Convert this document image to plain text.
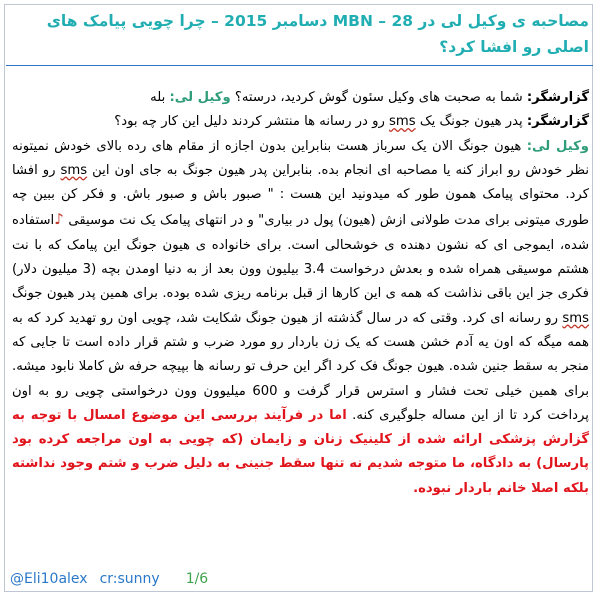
مصاحبه ی وکیل لی در MBN – 28 دسامبر 2015 – چرا چویی پیامک های اصلی رو افشا کرد؟
گزارشگر: شما به صحبت های وکیل سئون گوش کردید، درسته؟ وکیل لی: بله
گزارشگر: پدر هیون جونگ یک sms رو در رسانه ها منتشر کردند دلیل این کار چه بود؟
وکیل لی: هیون جونگ الان یک سرباز هست بنابراین بدون اجازه از مقام های رده بالای خودش نمیتونه نظر خودش رو ابراز کنه یا مصاحبه ای انجام بده. بنابراین پدر هیون جونگ به جای اون این sms رو افشا کرد. محتوای پیامک همون طور که میدونید این هست : " صبور باش و صبور باش. و فکر کن ببین چه طوری میتونی برای مدت طولانی ازش (هیون) پول در بیاری" و در انتهای پیامک یک نت موسیقی ♪استفاده شده، ایموجی ای که نشون دهنده ی خوشحالی است. برای خانواده ی هیون جونگ این پیامک که با نت هشتم موسیقی همراه شده و بعدش درخواست 3.4 بیلیون وون بعد از به دنیا اومدن بچه (3 میلیون دلار) فکری جز این باقی نذاشت که همه ی این کارها از قبل برنامه ریزی شده بوده. برای همین پدر هیون جونگ sms رو رسانه ای کرد. وقتی که در سال گذشته از هیون جونگ شکایت شد، چویی اون رو تهدید کرد که به همه میگه که اون یه آدم خشن هست که یک زن باردار رو مورد ضرب و شتم قرار داده است تا جایی که منجر به سقط جنین شده. هیون جونگ فک کرد اگر این حرف تو رسانه ها بپیچه حرفه ش کاملا نابود میشه. برای همین خیلی تحت فشار و استرس قرار گرفت و 600 میلیوون وون درخواستی چویی رو به اون پرداخت کرد تا از این مساله جلوگیری کنه. اما در فرآیند بررسی این موضوع امسال با توجه به گزارش پزشکی ارائه شده از کلینیک زنان و زایمان (که چویی به اون مراجعه کرده بود پارسال) به دادگاه، ما متوجه شدیم نه تنها سقط جنینی به دلیل ضرب و شتم وجود نداشته بلکه اصلا خانم باردار نبوده.
@Eli10alex cr:sunny 1/6
